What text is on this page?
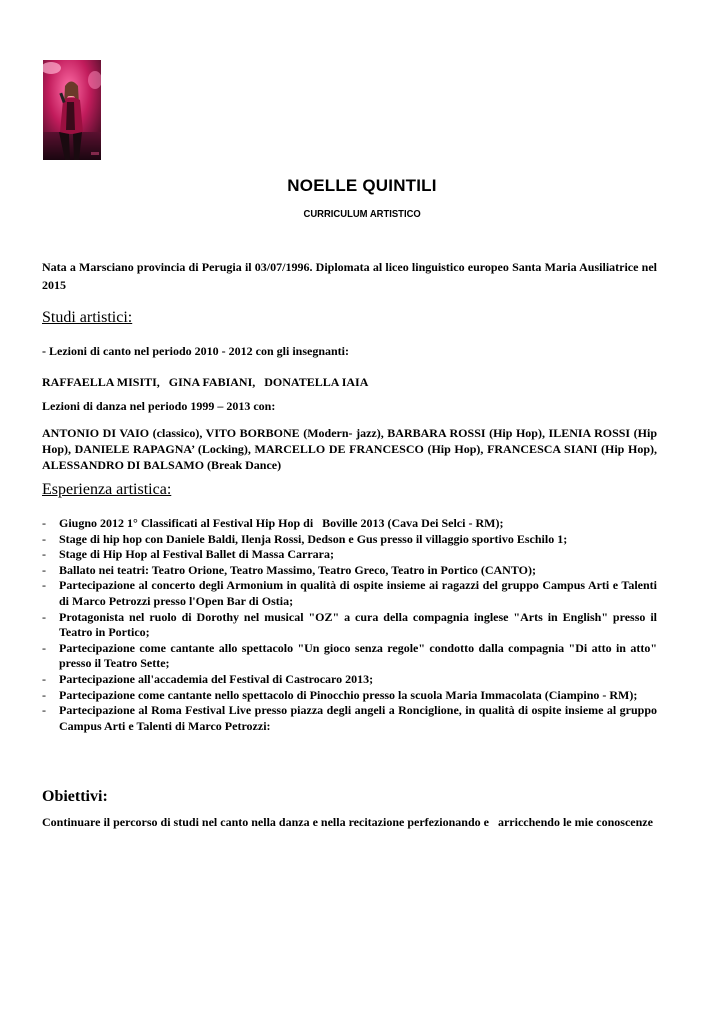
NOELLE QUINTILI
CURRICULUM ARTISTICO
Nata a Marsciano provincia di Perugia il 03/07/1996. Diplomata al liceo linguistico europeo Santa Maria Ausiliatrice nel 2015
Studi artistici:
- Lezioni di canto nel periodo 2010 - 2012 con gli insegnanti:
RAFFAELLA MISITI,   GINA FABIANI,   DONATELLA IAIA
Lezioni di danza nel periodo 1999 – 2013 con:
ANTONIO DI VAIO (classico), VITO BORBONE (Modern- jazz), BARBARA ROSSI (Hip Hop), ILENIA ROSSI (Hip Hop), DANIELE RAPAGNA’ (Locking), MARCELLO DE FRANCESCO (Hip Hop), FRANCESCA SIANI (Hip Hop), ALESSANDRO DI BALSAMO (Break Dance)
Esperienza artistica:
- Giugno 2012 1° Classificati al Festival Hip Hop di   Boville 2013 (Cava Dei Selci - RM);
- Stage di hip hop con Daniele Baldi, Ilenja Rossi, Dedson e Gus presso il villaggio sportivo Eschilo 1;
- Stage di Hip Hop al Festival Ballet di Massa Carrara;
- Ballato nei teatri: Teatro Orione, Teatro Massimo, Teatro Greco, Teatro in Portico (CANTO);
- Partecipazione al concerto degli Armonium in qualità di ospite insieme ai ragazzi del gruppo Campus Arti e Talenti di Marco Petrozzi presso l'Open Bar di Ostia;
- Protagonista nel ruolo di Dorothy nel musical "OZ" a cura della compagnia inglese "Arts in English" presso il Teatro in Portico;
- Partecipazione come cantante allo spettacolo "Un gioco senza regole" condotto dalla compagnia "Di atto in atto" presso il Teatro Sette;
- Partecipazione all'accademia del Festival di Castrocaro 2013;
- Partecipazione come cantante nello spettacolo di Pinocchio presso la scuola Maria Immacolata (Ciampino - RM);
- Partecipazione al Roma Festival Live presso piazza degli angeli a Ronciglione, in qualità di ospite insieme al gruppo Campus Arti e Talenti di Marco Petrozzi:
Obiettivi:
Continuare il percorso di studi nel canto nella danza e nella recitazione perfezionando e   arricchendo le mie conoscenze
